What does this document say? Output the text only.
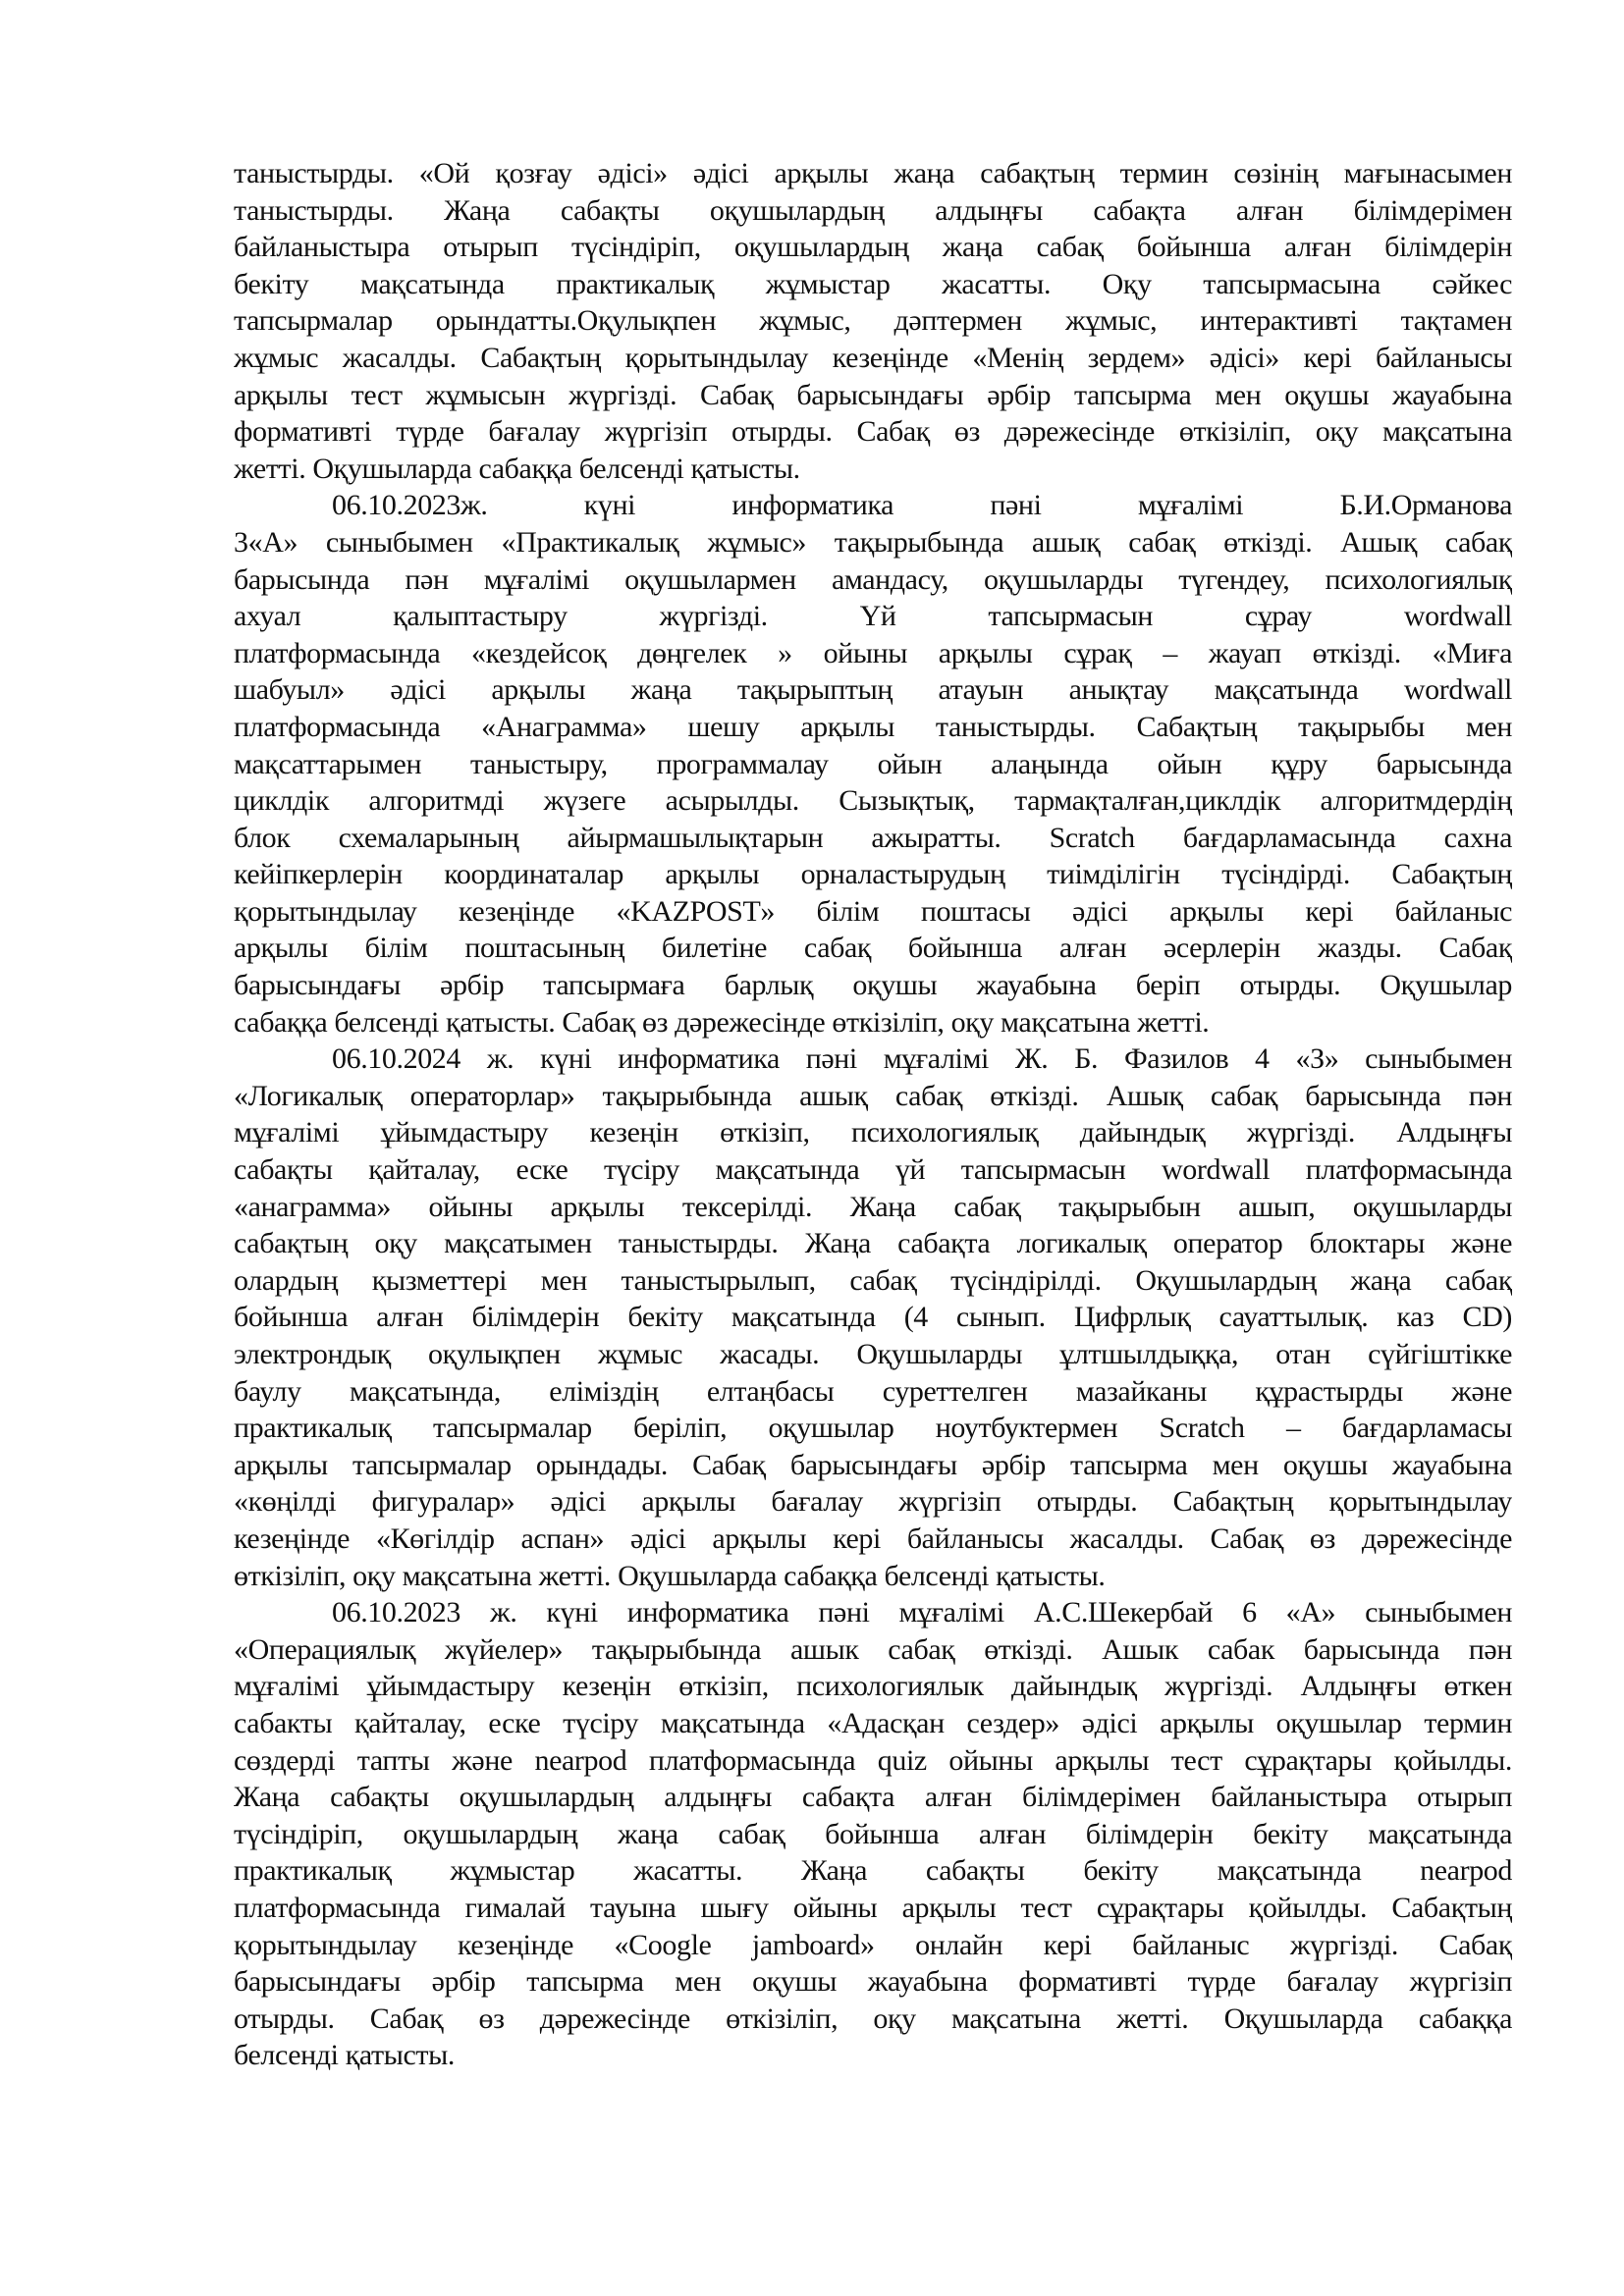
таныстырды. «Ой қозғау әдісі» әдісі арқылы жаңа сабақтың термин сөзінің мағынасымен
таныстырды. Жаңа сабақты оқушылардың алдыңғы сабақта алған білімдерімен
байланыстыра отырып түсіндіріп, оқушылардың жаңа сабақ бойынша алған білімдерін
бекіту мақсатында практикалық жұмыстар жасатты. Оқу тапсырмасына сәйкес
тапсырмалар орындатты.Оқулықпен жұмыс, дәптермен жұмыс, интерактивті тақтамен
жұмыс жасалды. Сабақтың қорытындылау кезеңінде «Менің зердем» әдісі» кері байланысы
арқылы тест жұмысын жүргізді. Сабақ барысындағы әрбір тапсырма мен оқушы жауабына
формативті түрде бағалау жүргізіп отырды. Сабақ өз дәрежесінде өткізіліп, оқу мақсатына
жетті. Оқушыларда сабаққа белсенді қатысты.
06.10.2023ж. күні информатика пәні мұғалімі Б.И.Орманова
3«А» сыныбымен «Практикалық жұмыс» тақырыбында ашық сабақ өткізді. Ашық сабақ
барысында пән мұғалімі оқушылармен амандасу, оқушыларды түгендеу, психологиялық
ахуал қалыптастыру жүргізді. Үй тапсырмасын сұрау wordwall
платформасында «кездейсоқ дөңгелек » ойыны арқылы сұрақ – жауап өткізді. «Миға
шабуыл» әдісі арқылы жаңа тақырыптың атауын анықтау мақсатында wordwall
платформасында «Анаграмма» шешу арқылы таныстырды. Сабақтың тақырыбы мен
мақсаттарымен таныстыру, программалау ойын алаңында ойын құру барысында
циклдік алгоритмді жүзеге асырылды. Сызықтық, тармақталған,циклдік алгоритмдердің
блок схемаларының айырмашылықтарын ажыратты. Scratch бағдарламасында сахна
кейіпкерлерін координаталар арқылы орналастырудың тиімділігін түсіндірді. Сабақтың
қорытындылау кезеңінде «KAZPOST» білім поштасы әдісі арқылы кері байланыс
арқылы білім поштасының билетіне сабақ бойынша алған әсерлерін жазды. Сабақ
барысындағы әрбір тапсырмаға барлық оқушы жауабына беріп отырды. Оқушылар
сабаққа белсенді қатысты. Сабақ өз дәрежесінде өткізіліп, оқу мақсатына жетті.
06.10.2024 ж. күні информатика пәні мұғалімі Ж. Б. Фазилов 4 «З» сыныбымен
«Логикалық операторлар» тақырыбында ашық сабақ өткізді. Ашық сабақ барысында пән
мұғалімі ұйымдастыру кезеңін өткізіп, психологиялық дайындық жүргізді. Алдыңғы
сабақты қайталау, еске түсіру мақсатында үй тапсырмасын wordwall платформасында
«анаграмма» ойыны арқылы тексерілді. Жаңа сабақ тақырыбын ашып, оқушыларды
сабақтың оқу мақсатымен таныстырды. Жаңа сабақта логикалық оператор блоктары және
олардың қызметтері мен таныстырылып, сабақ түсіндірілді. Оқушылардың жаңа сабақ
бойынша алған білімдерін бекіту мақсатында (4 сынып. Цифрлық сауаттылық. каз CD)
электрондық оқулықпен жұмыс жасады. Оқушыларды ұлтшылдыққа, отан сүйгіштікке
баулу мақсатында, елімiздің елтаңбасы суреттелген мазайканы құрастырды және
практикалық тапсырмалар беріліп, оқушылар ноутбуктермен Scratch – бағдарламасы
арқылы тапсырмалар орындады. Сабақ барысындағы әрбір тапсырма мен оқушы жауабына
«көңілді фигуралар» әдісі арқылы бағалау жүргізіп отырды. Сабақтың қорытындылау
кезеңінде «Көгілдір аспан» әдісі арқылы кері байланысы жасалды. Сабақ өз дәрежесінде
өткізіліп, оқу мақсатына жетті. Оқушыларда сабаққа белсенді қатысты.
06.10.2023 ж. күні информатика пәні мұғалімі А.С.Шекербай 6 «А» сыныбымен
«Операциялық жүйелер» тақырыбында ашык сабақ өткізді. Ашык сабак барысында пән
мұғалімі ұйымдастыру кезеңін өткізіп, психологиялык дайындық жүргізді. Алдыңғы өткен
сабакты қайталау, еске түсіру мақсатында «Адасқан сездер» әдісі арқылы оқушылар термин
сөздерді тапты және nearpod платформасында quiz ойыны арқылы тест сұрақтары қойылды.
Жаңа сабақты оқушылардың алдыңғы сабақта алған білімдерімен байланыстыра отырып
түсіндіріп, оқушылардың жаңа сабақ бойынша алған білімдерін бекіту мақсатында
практикалық жұмыстар жасатты. Жаңа сабақты бекіту мақсатында nearpod
платформасында гималай тауына шығу ойыны арқылы тест сұрақтары қойылды. Сабақтың
қорытындылау кезеңінде «Coogle jamboard» онлайн кері байланыс жүргізді. Сабақ
барысындағы әрбір тапсырма мен оқушы жауабына формативті түрде бағалау жүргізіп
отырды. Сабақ өз дәрежесінде өткізіліп, оқу мақсатына жетті. Оқушыларда сабаққа
белсенді қатысты.
